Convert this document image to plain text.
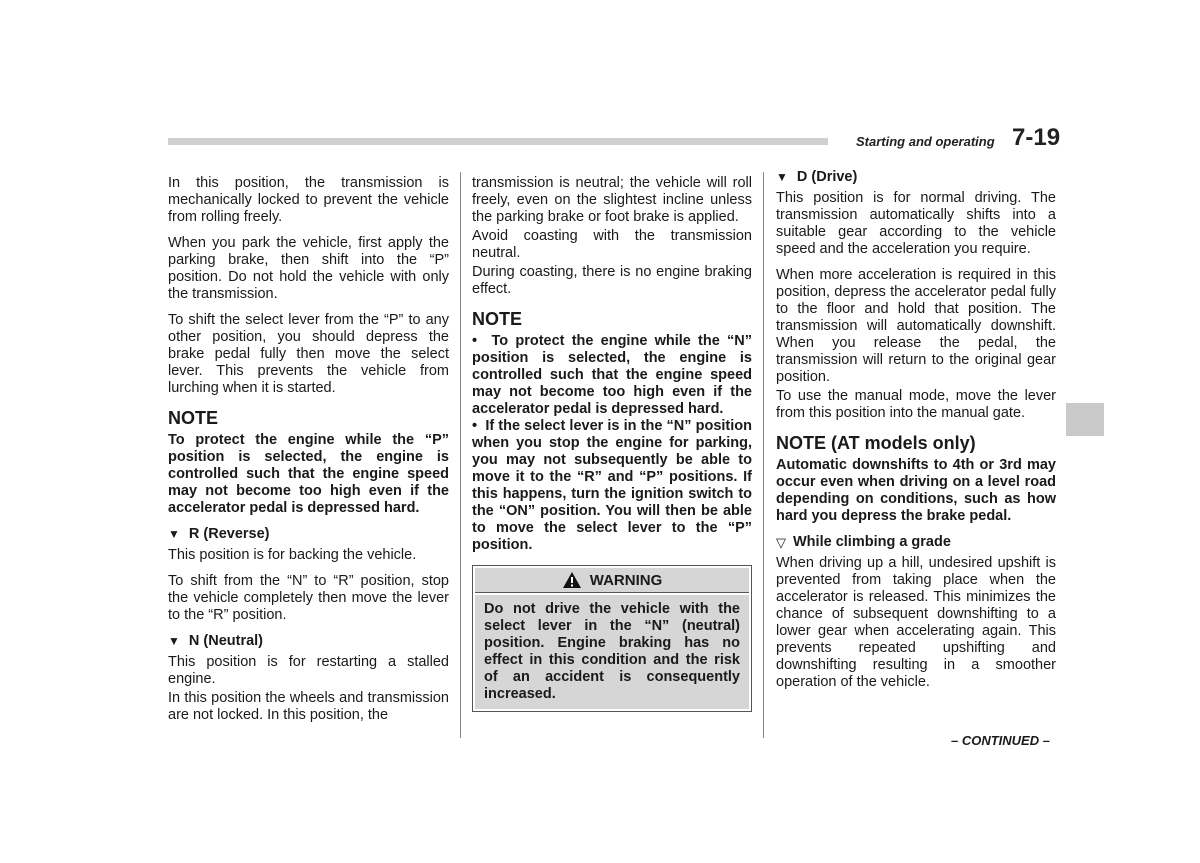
Starting and operating 7-19

In this position, the transmission is mechanically locked to prevent the vehicle from rolling freely.

When you park the vehicle, first apply the parking brake, then shift into the “P” position. Do not hold the vehicle with only the transmission.

To shift the select lever from the “P” to any other position, you should depress the brake pedal fully then move the select lever. This prevents the vehicle from lurching when it is started.

NOTE

To protect the engine while the “P” position is selected, the engine is controlled such that the engine speed may not become too high even if the accelerator pedal is depressed hard.

▼ R (Reverse)

This position is for backing the vehicle.

To shift from the “N” to “R” position, stop the vehicle completely then move the lever to the “R” position.

▼ N (Neutral)

This position is for restarting a stalled engine.

In this position the wheels and transmission are not locked. In this position, the

transmission is neutral; the vehicle will roll freely, even on the slightest incline unless the parking brake or foot brake is applied.

Avoid coasting with the transmission neutral.

During coasting, there is no engine braking effect.

NOTE

•  To protect the engine while the “N” position is selected, the engine is controlled such that the engine speed may not become too high even if the accelerator pedal is depressed hard.

•  If the select lever is in the “N” position when you stop the engine for parking, you may not subsequently be able to move it to the “R” and “P” positions. If this happens, turn the ignition switch to the “ON” position. You will then be able to move the select lever to the “P” position.

WARNING
Do not drive the vehicle with the select lever in the “N” (neutral) position. Engine braking has no effect in this condition and the risk of an accident is consequently increased.
▼ D (Drive)

This position is for normal driving. The transmission automatically shifts into a suitable gear according to the vehicle speed and the acceleration you require.

When more acceleration is required in this position, depress the accelerator pedal fully to the floor and hold that position. The transmission will automatically downshift. When you release the pedal, the transmission will return to the original gear position.

To use the manual mode, move the lever from this position into the manual gate.

NOTE (AT models only)

Automatic downshifts to 4th or 3rd may occur even when driving on a level road depending on conditions, such as how hard you depress the brake pedal.

▽ While climbing a grade

When driving up a hill, undesired upshift is prevented from taking place when the accelerator is released. This minimizes the chance of subsequent downshifting to a lower gear when accelerating again. This prevents repeated upshifting and downshifting resulting in a smoother operation of the vehicle.

– CONTINUED –
